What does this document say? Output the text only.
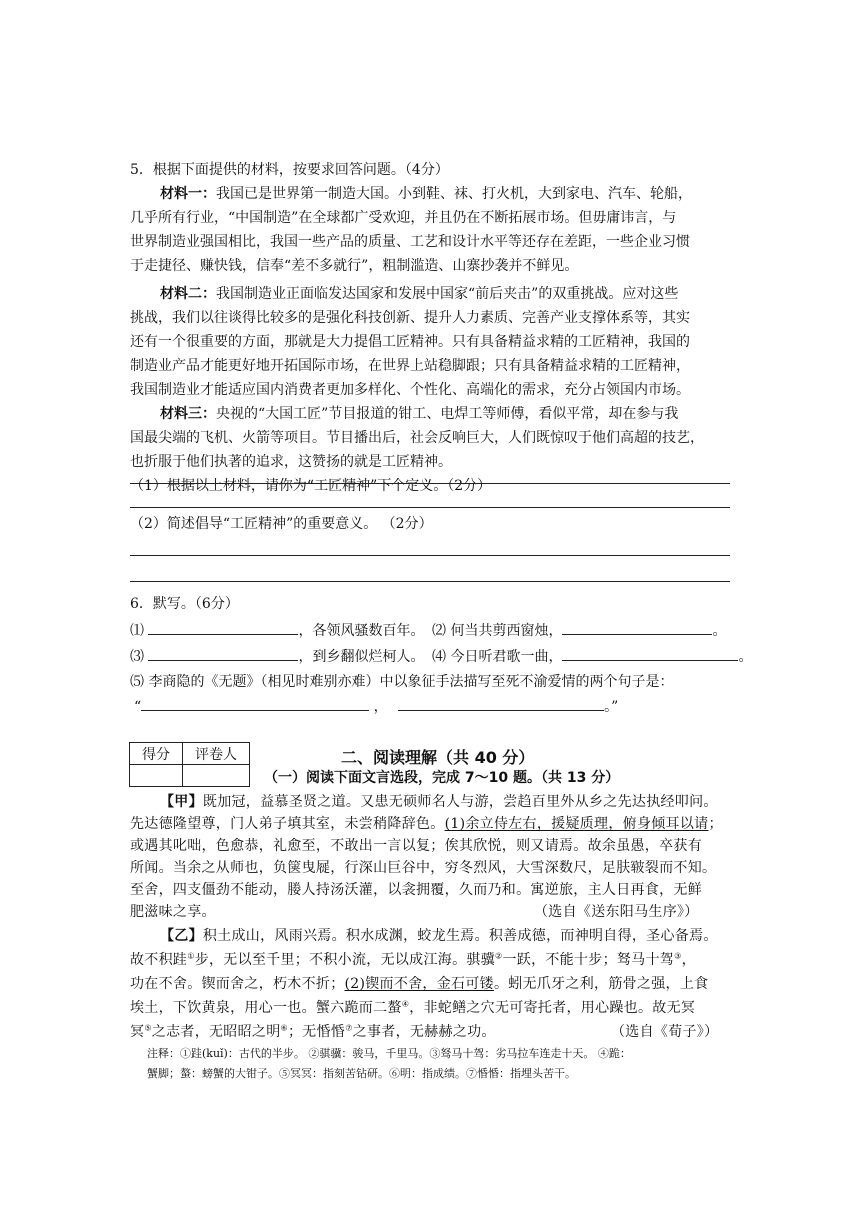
5．根据下面提供的材料，按要求回答问题。（4分）
材料一：我国已是世界第一制造大国。小到鞋、袜、打火机，大到家电、汽车、轮船，
几乎所有行业，“中国制造”在全球都广受欢迎，并且仍在不断拓展市场。但毋庸讳言，与
世界制造业强国相比，我国一些产品的质量、工艺和设计水平等还存在差距，一些企业习惯
于走捷径、赚快钱，信奉“差不多就行”，粗制滥造、山寨抄袭并不鲜见。
材料二：我国制造业正面临发达国家和发展中国家“前后夹击”的双重挑战。应对这些
挑战，我们以往谈得比较多的是强化科技创新、提升人力素质、完善产业支撑体系等，其实
还有一个很重要的方面，那就是大力提倡工匠精神。只有具备精益求精的工匠精神，我国的
制造业产品才能更好地开拓国际市场，在世界上站稳脚跟；只有具备精益求精的工匠精神，
我国制造业才能适应国内消费者更加多样化、个性化、高端化的需求，充分占领国内市场。
材料三：央视的“大国工匠”节目报道的钳工、电焊工等师傅，看似平常，却在参与我
国最尖端的飞机、火箭等项目。节目播出后，社会反响巨大，人们既惊叹于他们高超的技艺，
也折服于他们执著的追求，这赞扬的就是工匠精神。
（1）根据以上材料，请你为“工匠精神”下个定义。（2分）
（2）简述倡导“工匠精神”的重要意义。 （2分）
6．默写。（6分）
⑴	，各领风骚数百年。 ⑵ 何当共剪西窗烛，	。
⑶	，到乡翻似烂柯人。 ⑷ 今日听君歌一曲，	。
⑸ 李商隐的《无题》（相见时难别亦难）中以象征手法描写至死不渝爱情的两个句子是：
“	，	。”
得分	评卷人
		二、阅读理解（共 40 分）
（一）阅读下面文言选段，完成 7～10 题。（共 13 分）
【甲】既加冠，益慕圣贤之道。又患无硕师名人与游，尝趋百里外从乡之先达执经叩问。
先达德隆望尊，门人弟子填其室，未尝稍降辞色。(1)余立侍左右，援疑质理，俯身倾耳以请；
或遇其叱咄，色愈恭，礼愈至，不敢出一言以复；俟其欣悦，则又请焉。故余虽愚，卒获有
所闻。当余之从师也，负箧曳屣，行深山巨谷中，穷冬烈风，大雪深数尺，足肤皲裂而不知。
至舍，四支僵劲不能动，媵人持汤沃灌，以衾拥覆，久而乃和。寓逆旅，主人日再食，无鲜
肥滋味之享。	（选自《送东阳马生序》）
【乙】积土成山，风雨兴焉。积水成渊，蛟龙生焉。积善成德，而神明自得，圣心备焉。
故不积跬①步，无以至千里；不积小流，无以成江海。骐骥②一跃，不能十步；驽马十驾③，
功在不舍。锲而舍之，朽木不折；(2)锲而不舍，金石可镂。蚓无爪牙之利，筋骨之强，上食
埃土，下饮黄泉，用心一也。蟹六跪而二螯④，非蛇鳝之穴无可寄托者，用心躁也。故无冥
冥⑤之志者，无昭昭之明⑥；无惛惛⑦之事者，无赫赫之功。	（选自《荀子》）
注释：①跬(kuǐ)：古代的半步。 ②骐骥：骏马，千里马。③驽马十驾：劣马拉车连走十天。 ④跪：
蟹脚；螯：螃蟹的大钳子。⑤冥冥：指刻苦钻研。⑥明：指成绩。⑦惛惛：指埋头苦干。
